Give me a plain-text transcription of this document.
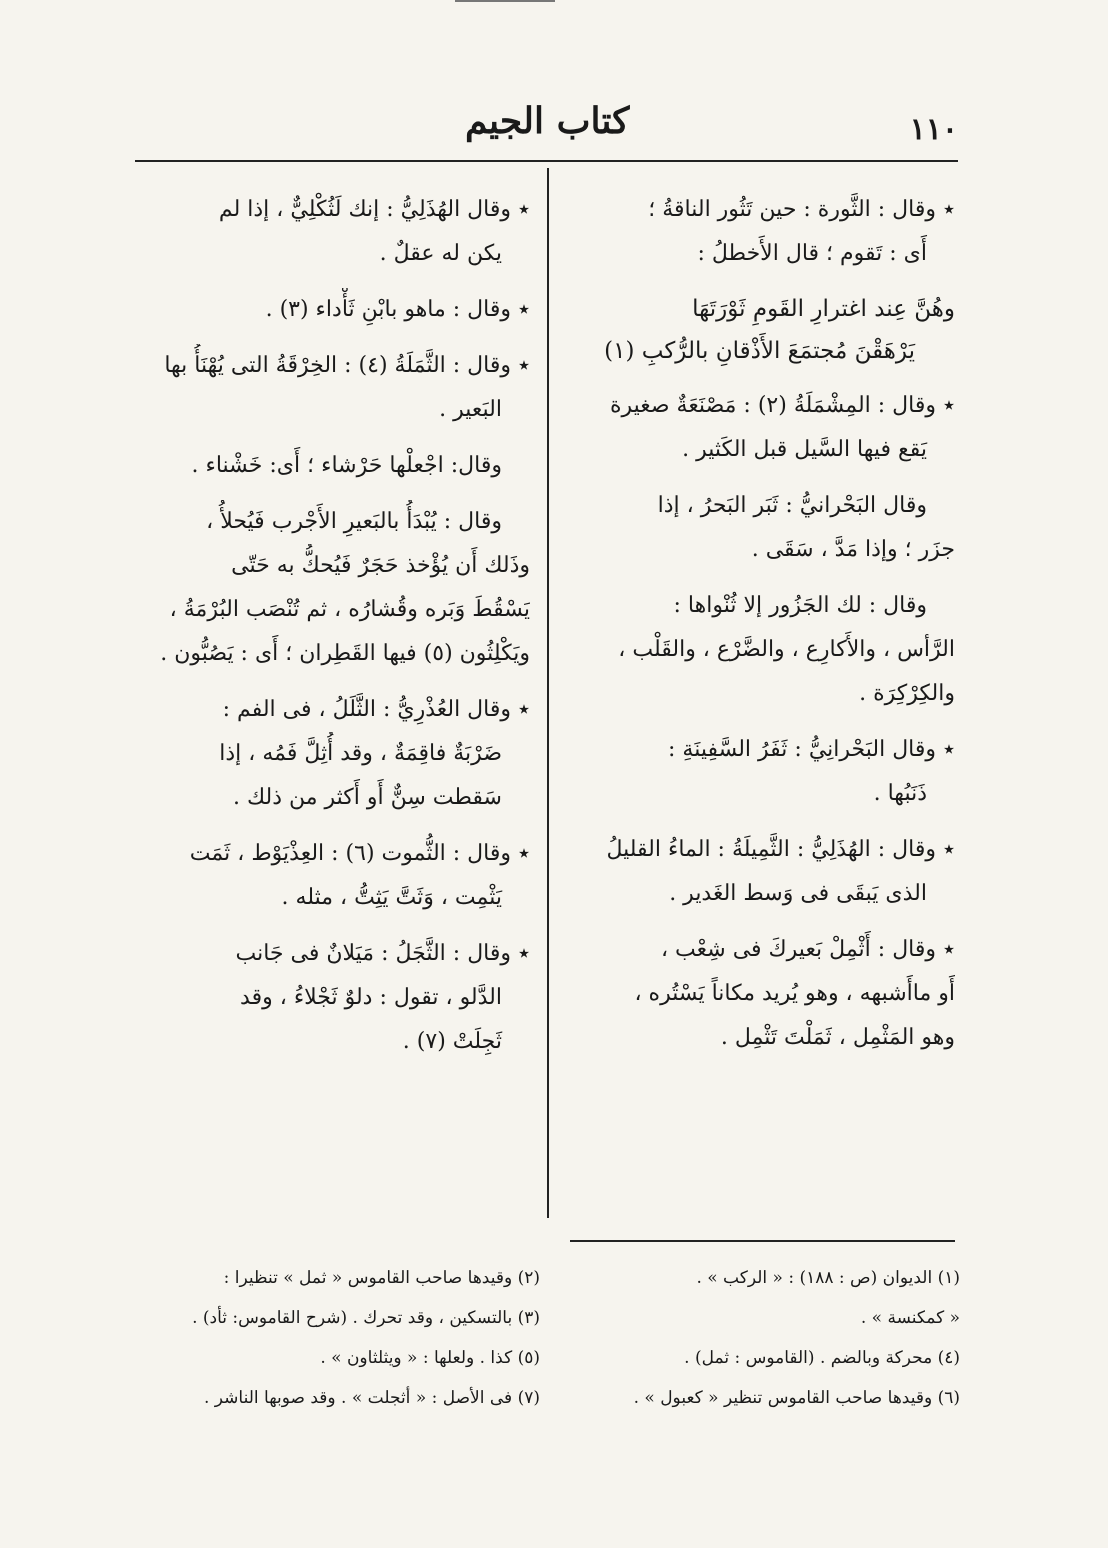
١١٠
كتاب الجيم
٭ وقال : الثَّورة : حين تَثُور الناقةُ ؛
أَى : تَقوم ؛ قال الأَخطلُ :
وهُنَّ عِند اغترارِ القَومِ ثَوْرَتَهَا
يَرْهَقْنَ مُجتمَعَ الأَذْقانِ بالرُّكبِ (١)
٭ وقال : المِشْمَلَةُ (٢) : مَصْنَعَةٌ صغيرة
يَقع فيها السَّيل قبل الكَثير .
وقال البَحْرانيُّ : ثَبَر البَحرُ ، إذا
جزَر ؛ وإذا مَدَّ ، سَقَى .
وقال : لك الجَزُور إلا ثُنْواها :
الرَّأس ، والأَكارِع ، والضَّرْع ، والقَلْب ،
والكِرْكِرَة .
٭ وقال البَحْرانِيُّ : ثَفَرُ السَّفِينَةِ :
ذَنَبُها .
٭ وقال : الهُذَلِيُّ : الثَّمِيلَةُ : الماءُ القليلُ
الذى يَبقَى فى وَسط الغَدير .
٭ وقال : أَثْمِلْ بَعيركَ فى شِعْب ،
أَو ماأَشبهه ، وهو يُريد مكاناً يَسْتُره ،
وهو المَثْمِل ، ثَمَلْتَ تَثْمِل .
٭ وقال الهُذَلِيُّ : إنك لَثُكْلِيٌّ ، إذا لم
يكن له عقلٌ .
٭ وقال : ماهو بابْنِ ثَأْداء (٣) .
٭ وقال : الثَّمَلَةُ (٤) : الخِرْقَةُ التى يُهْنَأُ بها
البَعير .
وقال: اجْعلْها حَرْشاء ؛ أَى: خَشْناء .
وقال : يُبْدَأُ بالبَعيرِ الأَجْرب فَيُحلأُ ،
وذَلك أَن يُؤْخذ حَجَرٌ فَيُحكُّ به حَتّى
يَسْقُطَ وَبَره وقُشارُه ، ثم تُنْصَب البُرْمَةُ ،
ويَكْلِثُون (٥) فيها القَطِران ؛ أَى : يَصُبُّون .
٭ وقال العُذْرِيُّ : الثَّلَلُ ، فى الفم :
ضَرْبَةٌ فاقِمَةٌ ، وقد أُثِلَّ فَمُه ، إذا
سَقطت سِنٌّ أَو أَكثر من ذلك .
٭ وقال : الثُّموت (٦) : العِذْيَوْط ، ثَمَت
يَثْمِت ، وَثَتَّ يَثِتُّ ، مثله .
٭ وقال : الثَّجَلُ : مَيَلانٌ فى جَانب
الدَّلو ، تقول : دلوٌ ثَجْلاءُ ، وقد
ثَجِلَتْ (٧) .
(١) الديوان (ص : ١٨٨) : « الركب » .
(٢) وقيدها صاحب القاموس « ثمل » تنظيرا :
« كمكنسة » .
(٣) بالتسكين ، وقد تحرك . (شرح القاموس: ثأد) .
(٤) محركة وبالضم . (القاموس : ثمل) .
(٥) كذا . ولعلها : « ويثلثاون » .
(٦) وقيدها صاحب القاموس تنظير « كعبول » .
(٧) فى الأصل : « أثجلت » . وقد صوبها الناشر .
